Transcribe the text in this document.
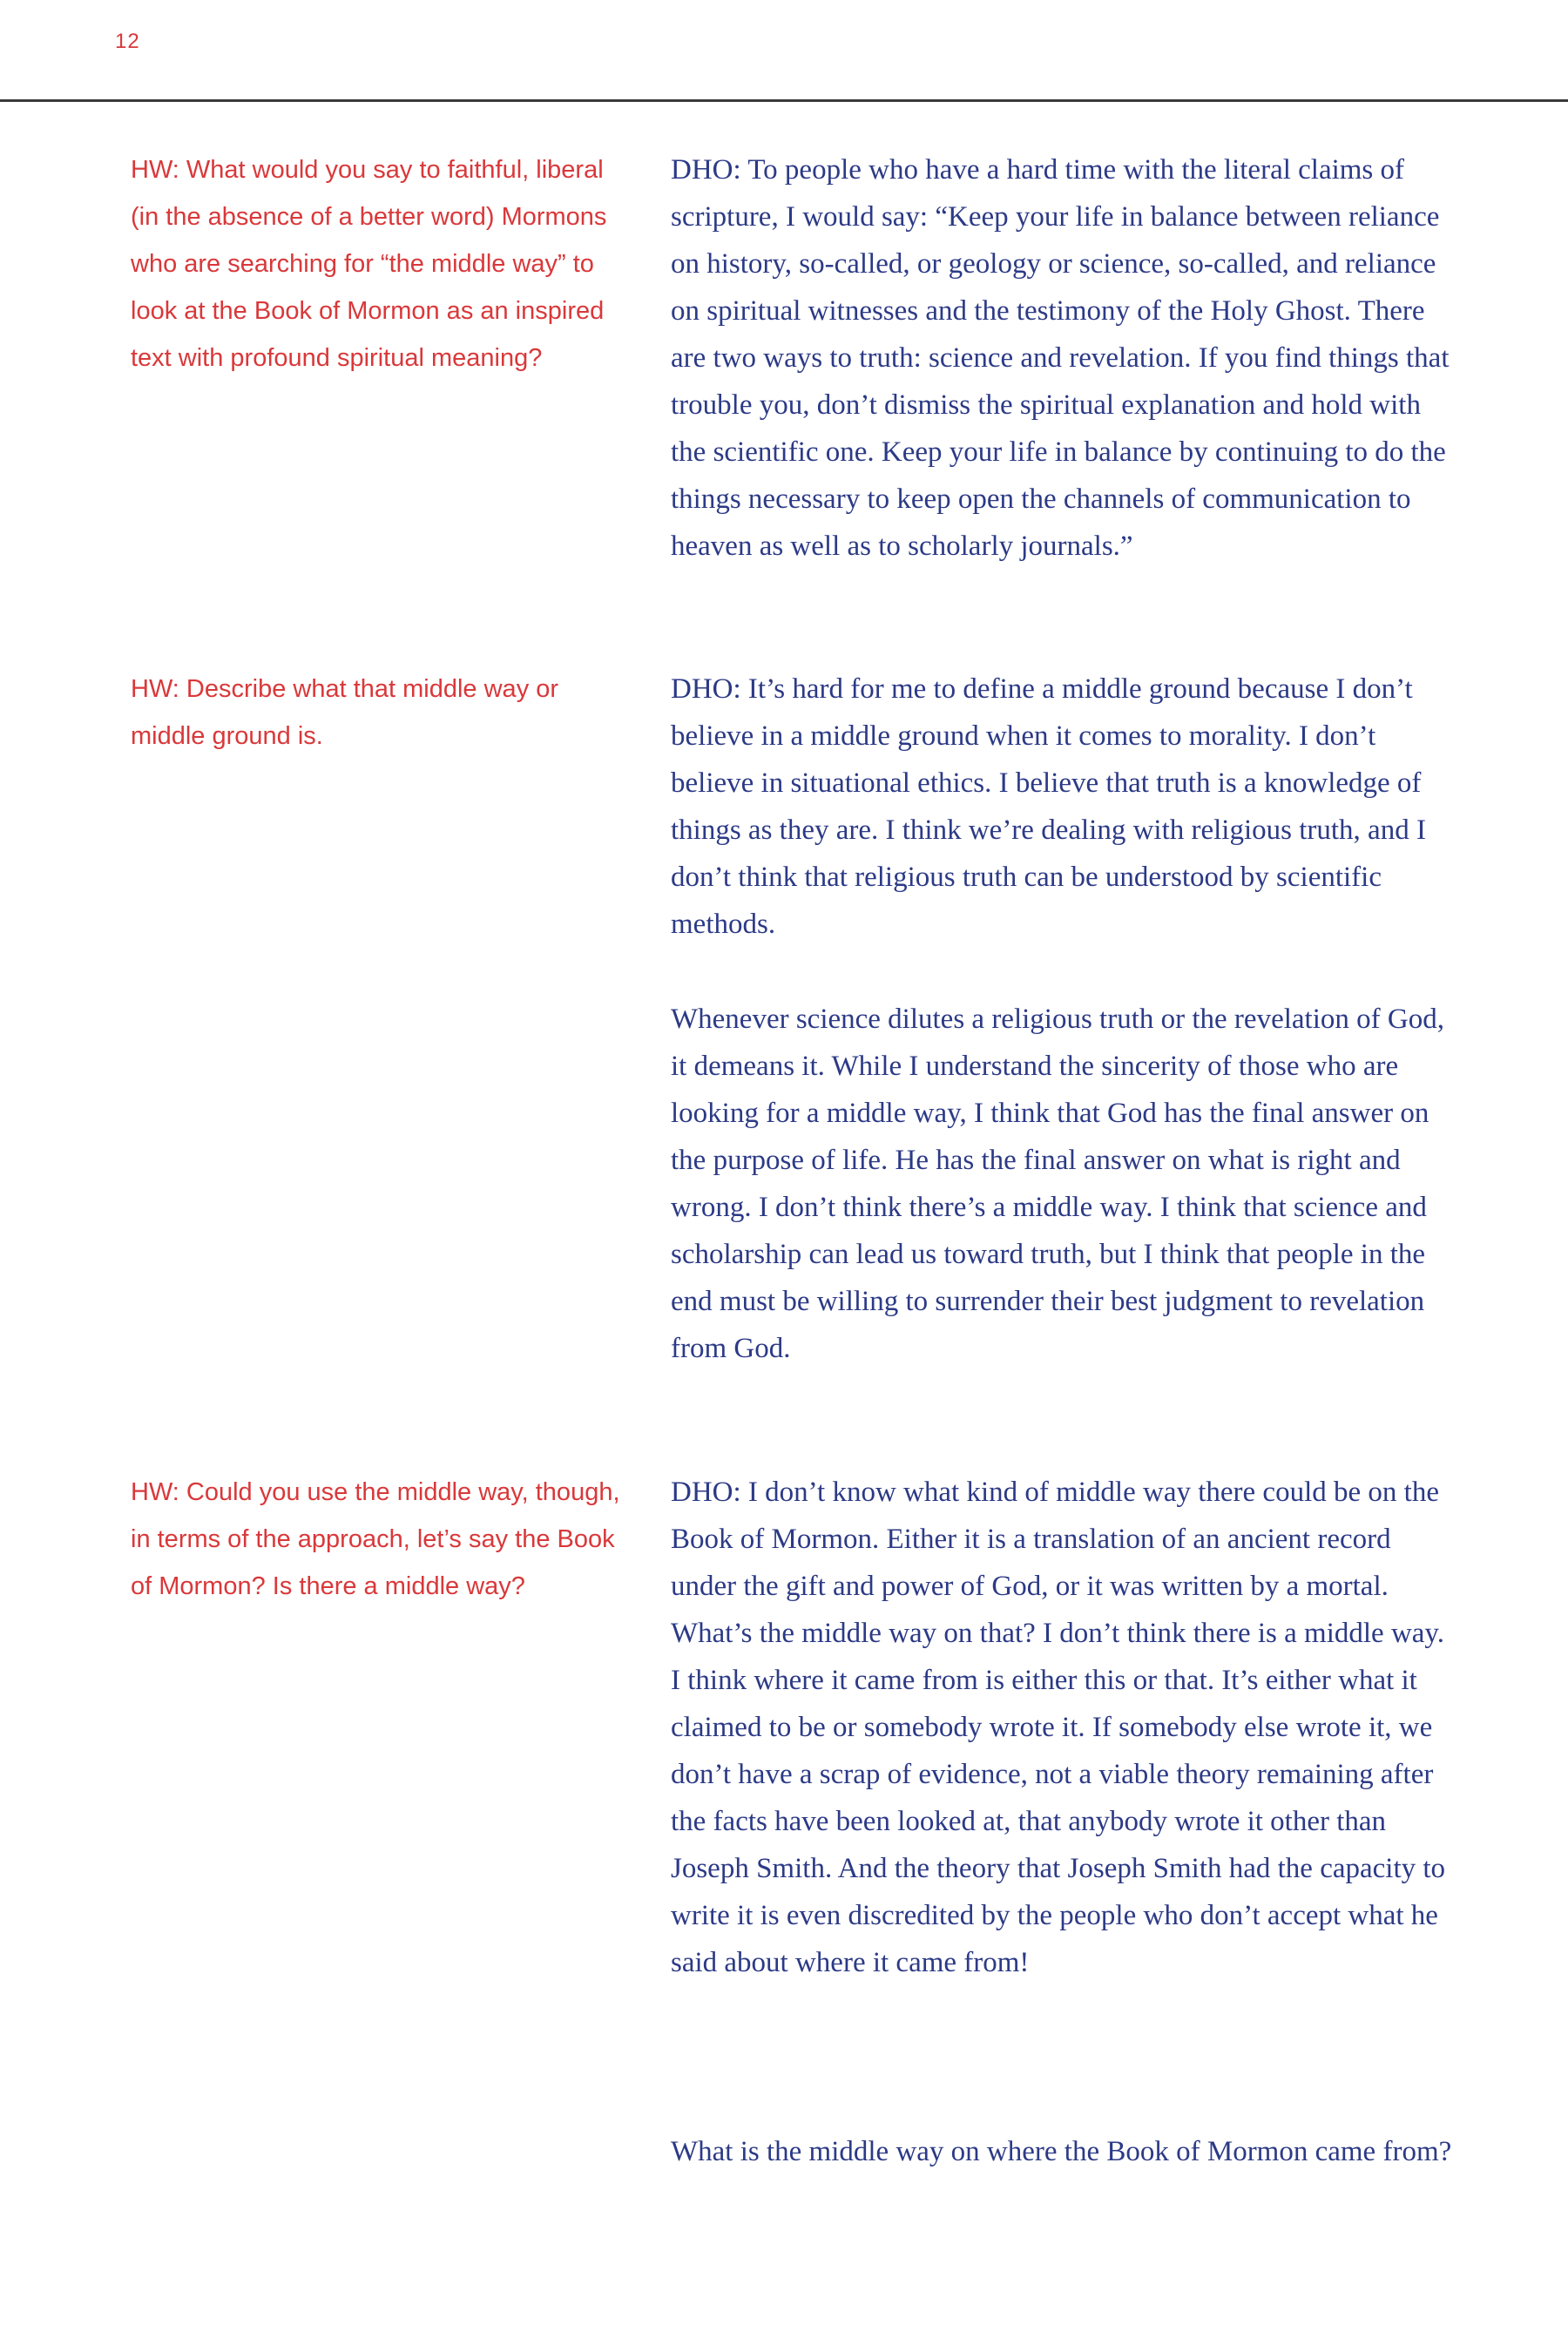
12

HW: What would you say to faithful, liberal (in the absence of a better word) Mormons who are searching for “the middle way” to look at the Book of Mormon as an inspired text with profound spiritual meaning?

DHO: To people who have a hard time with the literal claims of scripture, I would say: “Keep your life in balance between reliance on history, so-called, or geology or science, so-called, and reliance on spiritual witnesses and the testimony of the Holy Ghost. There are two ways to truth: science and revelation. If you find things that trouble you, don’t dismiss the spiritual explanation and hold with the scientific one. Keep your life in balance by continuing to do the things necessary to keep open the channels of communication to heaven as well as to scholarly journals.”

HW: Describe what that middle way or middle ground is.

DHO: It’s hard for me to define a middle ground because I don’t believe in a middle ground when it comes to morality. I don’t believe in situational ethics. I believe that truth is a knowledge of things as they are. I think we’re dealing with religious truth, and I don’t think that religious truth can be understood by scientific methods.

Whenever science dilutes a religious truth or the revelation of God, it demeans it. While I understand the sincerity of those who are looking for a middle way, I think that God has the final answer on the purpose of life. He has the final answer on what is right and wrong. I don’t think there’s a middle way. I think that science and scholarship can lead us toward truth, but I think that people in the end must be willing to surrender their best judgment to revelation from God.

HW: Could you use the middle way, though, in terms of the approach, let’s say the Book of Mormon? Is there a middle way?

DHO: I don’t know what kind of middle way there could be on the Book of Mormon. Either it is a translation of an ancient record under the gift and power of God, or it was written by a mortal. What’s the middle way on that? I don’t think there is a middle way. I think where it came from is either this or that. It’s either what it claimed to be or somebody wrote it. If somebody else wrote it, we don’t have a scrap of evidence, not a viable theory remaining after the facts have been looked at, that anybody wrote it other than Joseph Smith. And the theory that Joseph Smith had the capacity to write it is even discredited by the people who don’t accept what he said about where it came from!

What is the middle way on where the Book of Mormon came from?
